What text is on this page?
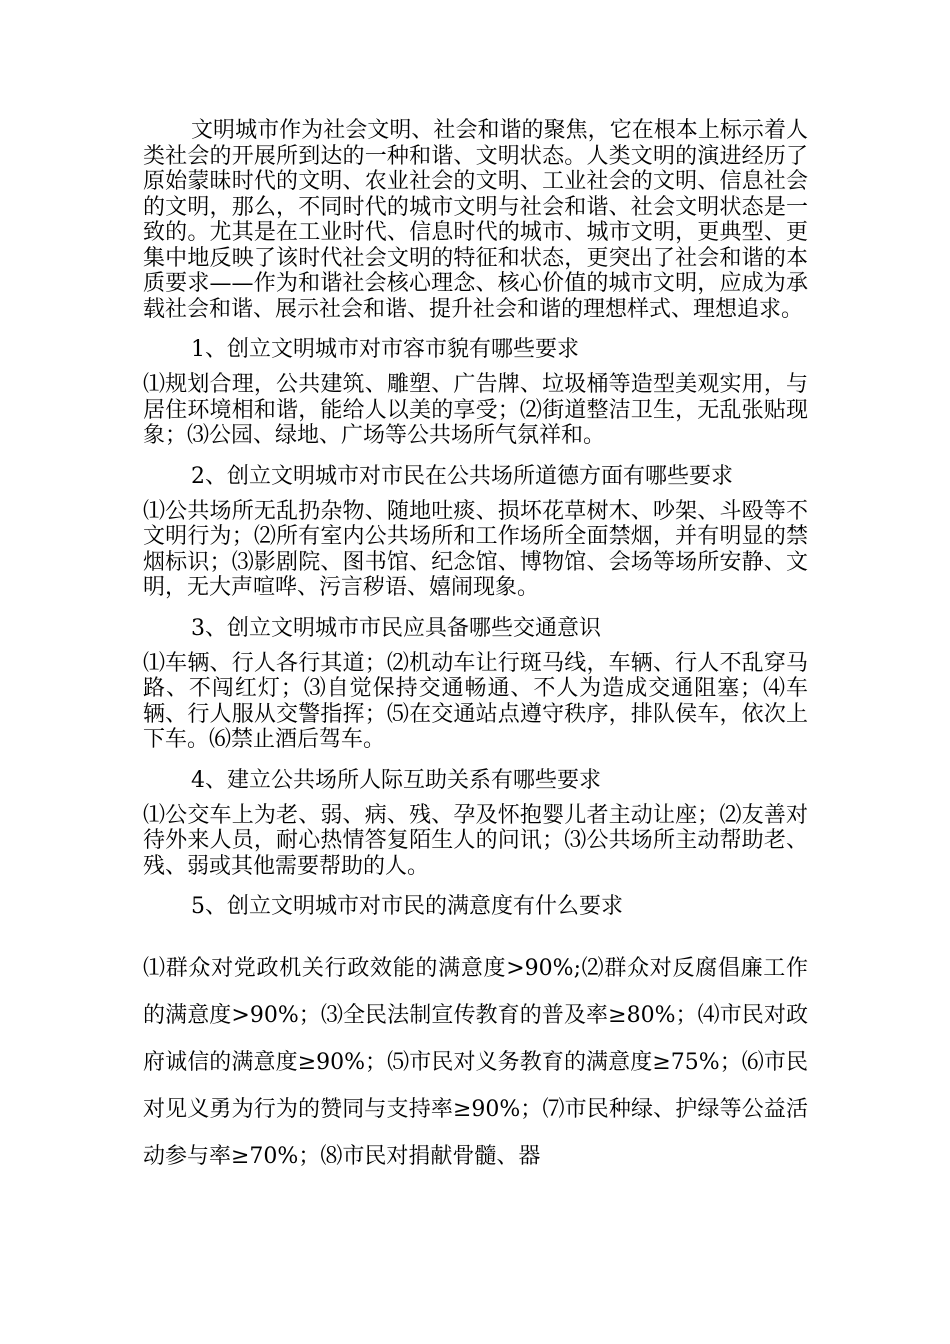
文明城市作为社会文明、社会和谐的聚焦，它在根本上标示着人类社会的开展所到达的一种和谐、文明状态。人类文明的演进经历了原始蒙昧时代的文明、农业社会的文明、工业社会的文明、信息社会的文明，那么，不同时代的城市文明与社会和谐、社会文明状态是一致的。尤其是在工业时代、信息时代的城市、城市文明，更典型、更集中地反映了该时代社会文明的特征和状态，更突出了社会和谐的本质要求——作为和谐社会核心理念、核心价值的城市文明，应成为承载社会和谐、展示社会和谐、提升社会和谐的理想样式、理想追求。

1、创立文明城市对市容市貌有哪些要求

⑴规划合理，公共建筑、雕塑、广告牌、垃圾桶等造型美观实用，与居住环境相和谐，能给人以美的享受；⑵街道整洁卫生，无乱张贴现象；⑶公园、绿地、广场等公共场所气氛祥和。

2、创立文明城市对市民在公共场所道德方面有哪些要求

⑴公共场所无乱扔杂物、随地吐痰、损坏花草树木、吵架、斗殴等不文明行为；⑵所有室内公共场所和工作场所全面禁烟，并有明显的禁烟标识；⑶影剧院、图书馆、纪念馆、博物馆、会场等场所安静、文明，无大声喧哗、污言秽语、嬉闹现象。

3、创立文明城市市民应具备哪些交通意识

⑴车辆、行人各行其道；⑵机动车让行斑马线，车辆、行人不乱穿马路、不闯红灯；⑶自觉保持交通畅通、不人为造成交通阻塞；⑷车辆、行人服从交警指挥；⑸在交通站点遵守秩序，排队侯车，依次上下车。⑹禁止酒后驾车。

4、建立公共场所人际互助关系有哪些要求

⑴公交车上为老、弱、病、残、孕及怀抱婴儿者主动让座；⑵友善对待外来人员，耐心热情答复陌生人的问讯；⑶公共场所主动帮助老、残、弱或其他需要帮助的人。

5、创立文明城市对市民的满意度有什么要求

⑴群众对党政机关行政效能的满意度>90%;⑵群众对反腐倡廉工作的满意度>90%；⑶全民法制宣传教育的普及率≥80%；⑷市民对政府诚信的满意度≥90%；⑸市民对义务教育的满意度≥75%；⑹市民对见义勇为行为的赞同与支持率≥90%；⑺市民种绿、护绿等公益活动参与率≥70%；⑻市民对捐献骨髓、器
